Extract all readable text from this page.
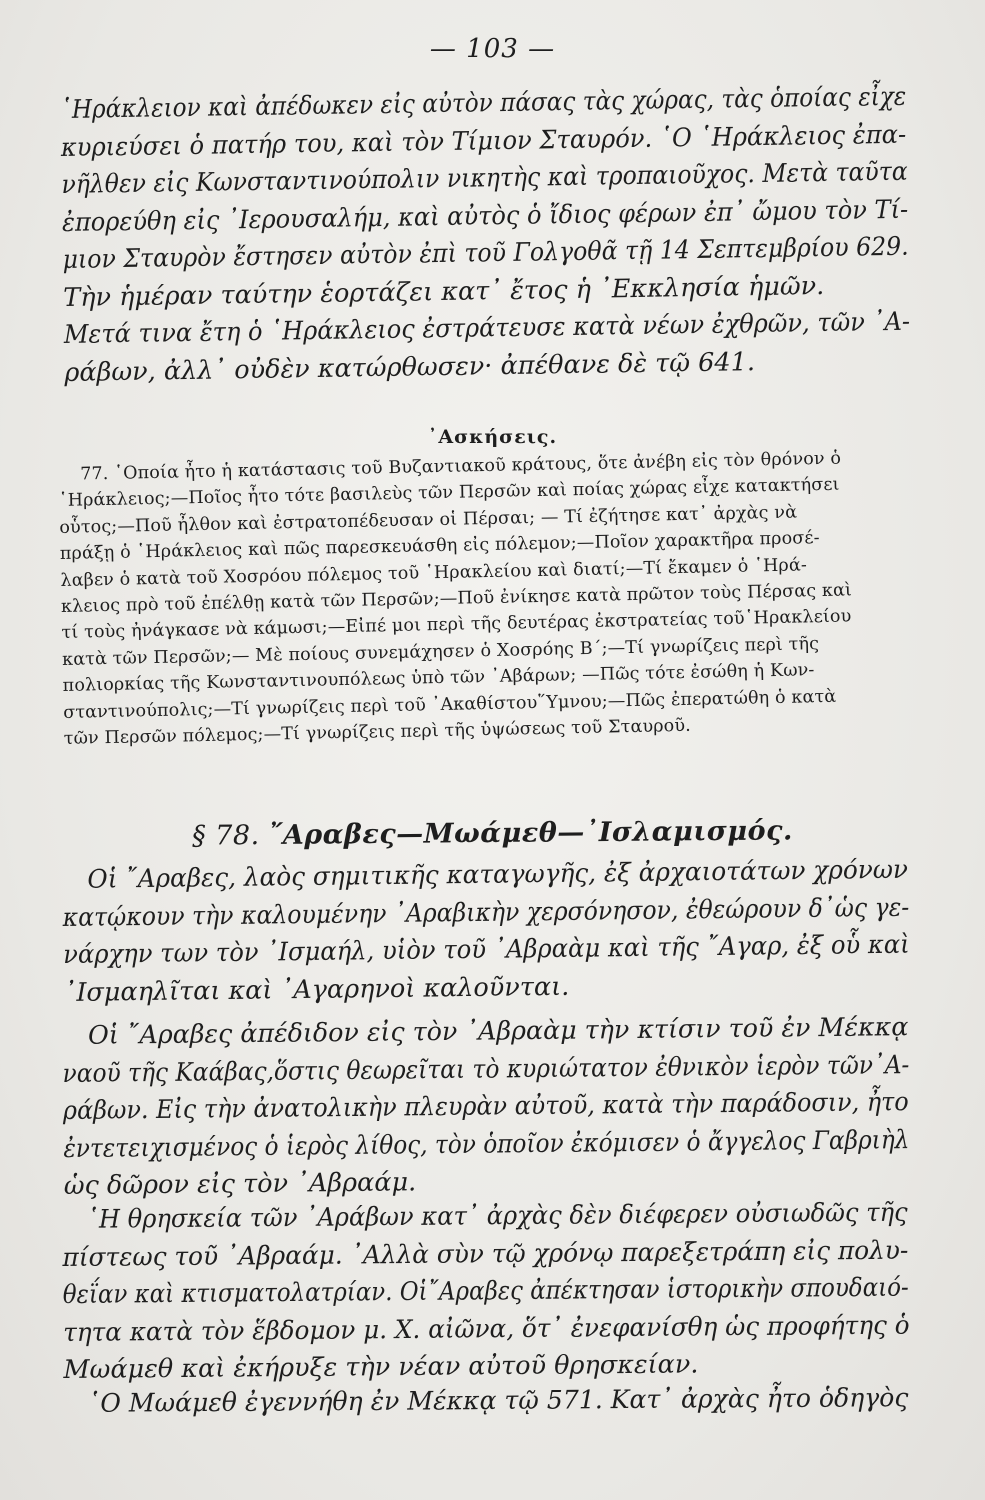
— 103 —
῾Ηράκλειον καὶ ἀπέδωκεν εἰς αὐτὸν πάσας τὰς χώρας, τὰς ὁποίας εἶχε
κυριεύσει ὁ πατήρ του, καὶ τὸν Τίμιον Σταυρόν. ῾Ο ῾Ηράκλειος ἐπα-
νῆλθεν εἰς Κωνσταντινούπολιν νικητὴς καὶ τροπαιοῦχος. Μετὰ ταῦτα
ἐπορεύθη εἰς ᾽Ιερουσαλήμ, καὶ αὐτὸς ὁ ἴδιος φέρων ἐπ᾽ ὤμου τὸν Τί-
μιον Σταυρὸν ἔστησεν αὐτὸν ἐπὶ τοῦ Γολγοθᾶ τῇ 14 Σεπτεμβρίου 629.
Τὴν ἡμέραν ταύτην ἑορτάζει κατ᾽ ἔτος ἡ ᾽Εκκλησία ἡμῶν.
Μετά τινα ἔτη ὁ ῾Ηράκλειος ἐστράτευσε κατὰ νέων ἐχθρῶν, τῶν ᾽Α-
ράβων, ἀλλ᾽ οὐδὲν κατώρθωσεν· ἀπέθανε δὲ τῷ 641.
᾽Ασκήσεις.
77. ῾Οποία ἦτο ἡ κατάστασις τοῦ Βυζαντιακοῦ κράτους, ὅτε ἀνέβη εἰς τὸν θρόνον ὁ
῾Ηράκλειος;—Ποῖος ἦτο τότε βασιλεὺς τῶν Περσῶν καὶ ποίας χώρας εἶχε κατακτήσει
οὗτος;—Ποῦ ἦλθον καὶ ἐστρατοπέδευσαν οἱ Πέρσαι; — Τί ἐζήτησε κατ᾽ ἀρχὰς νὰ
πράξῃ ὁ ῾Ηράκλειος καὶ πῶς παρεσκευάσθη εἰς πόλεμον;—Ποῖον χαρακτῆρα προσέ-
λαβεν ὁ κατὰ τοῦ Χοσρόου πόλεμος τοῦ ῾Ηρακλείου καὶ διατί;—Τί ἔκαμεν ὁ ῾Ηρά-
κλειος πρὸ τοῦ ἐπέλθῃ κατὰ τῶν Περσῶν;—Ποῦ ἐνίκησε κατὰ πρῶτον τοὺς Πέρσας καὶ
τί τοὺς ἠνάγκασε νὰ κάμωσι;—Εἰπέ μοι περὶ τῆς δευτέρας ἐκστρατείας τοῦ῾Ηρακλείου
κατὰ τῶν Περσῶν;— Μὲ ποίους συνεμάχησεν ὁ Χοσρόης Β´;—Τί γνωρίζεις περὶ τῆς
πολιορκίας τῆς Κωνσταντινουπόλεως ὑπὸ τῶν ᾽Αβάρων; —Πῶς τότε ἐσώθη ἡ Κων-
σταντινούπολις;—Τί γνωρίζεις περὶ τοῦ ᾽Ακαθίστου῞Υμνου;—Πῶς ἐπερατώθη ὁ κατὰ
τῶν Περσῶν πόλεμος;—Τί γνωρίζεις περὶ τῆς ὑψώσεως τοῦ Σταυροῦ.
§ 78. ῎Αραβες—Μωάμεθ—᾽Ισλαμισμός.
Οἱ ῎Αραβες, λαὸς σημιτικῆς καταγωγῆς, ἐξ ἀρχαιοτάτων χρόνων
κατῴκουν τὴν καλουμένην ᾽Αραβικὴν χερσόνησον, ἐθεώρουν δ᾽ὡς γε-
νάρχην των τὸν ᾽Ισμαήλ, υἱὸν τοῦ ᾽Αβραὰμ καὶ τῆς ῎Αγαρ, ἐξ οὗ καὶ
᾽Ισμαηλῖται καὶ ᾽Αγαρηνοὶ καλοῦνται.
Οἱ ῎Αραβες ἀπέδιδον εἰς τὸν ᾽Αβραὰμ τὴν κτίσιν τοῦ ἐν Μέκκᾳ
ναοῦ τῆς Καάβας,ὅστις θεωρεῖται τὸ κυριώτατον ἐθνικὸν ἱερὸν τῶν᾽Α-
ράβων. Εἰς τὴν ἀνατολικὴν πλευρὰν αὐτοῦ, κατὰ τὴν παράδοσιν, ἦτο
ἐντετειχισμένος ὁ ἱερὸς λίθος, τὸν ὁποῖον ἐκόμισεν ὁ ἄγγελος Γαβριὴλ
ὡς δῶρον εἰς τὸν ᾽Αβραάμ.
῾Η θρησκεία τῶν ᾽Αράβων κατ᾽ ἀρχὰς δὲν διέφερεν οὐσιωδῶς τῆς
πίστεως τοῦ ᾽Αβραάμ. ᾽Αλλὰ σὺν τῷ χρόνῳ παρεξετράπη εἰς πολυ-
θεΐαν καὶ κτισματολατρίαν. Οἱ῎Αραβες ἀπέκτησαν ἱστορικὴν σπουδαιό-
τητα κατὰ τὸν ἕβδομον μ. Χ. αἰῶνα, ὅτ᾽ ἐνεφανίσθη ὡς προφήτης ὁ
Μωάμεθ καὶ ἐκήρυξε τὴν νέαν αὐτοῦ θρησκείαν.
῾Ο Μωάμεθ ἐγεννήθη ἐν Μέκκᾳ τῷ 571. Κατ᾽ ἀρχὰς ἦτο ὁδηγὸς
